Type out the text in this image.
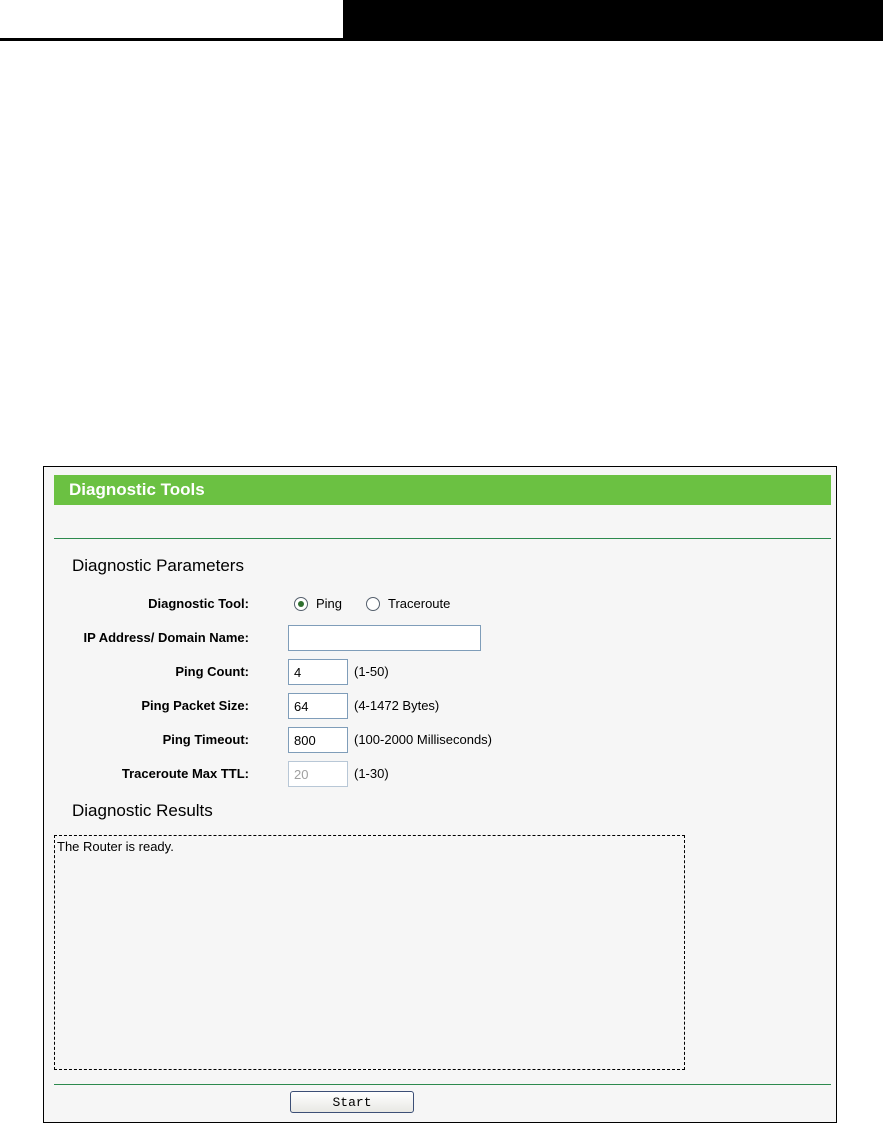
Diagnostic Tools
Diagnostic Parameters
Diagnostic Tool:	Ping	Traceroute
IP Address/ Domain Name:
Ping Count:
4	(1-50)
Ping Packet Size:
64	(4-1472 Bytes)
Ping Timeout:
800	(100-2000 Milliseconds)
Traceroute Max TTL:
20	(1-30)
Diagnostic Results
The Router is ready.
Start
